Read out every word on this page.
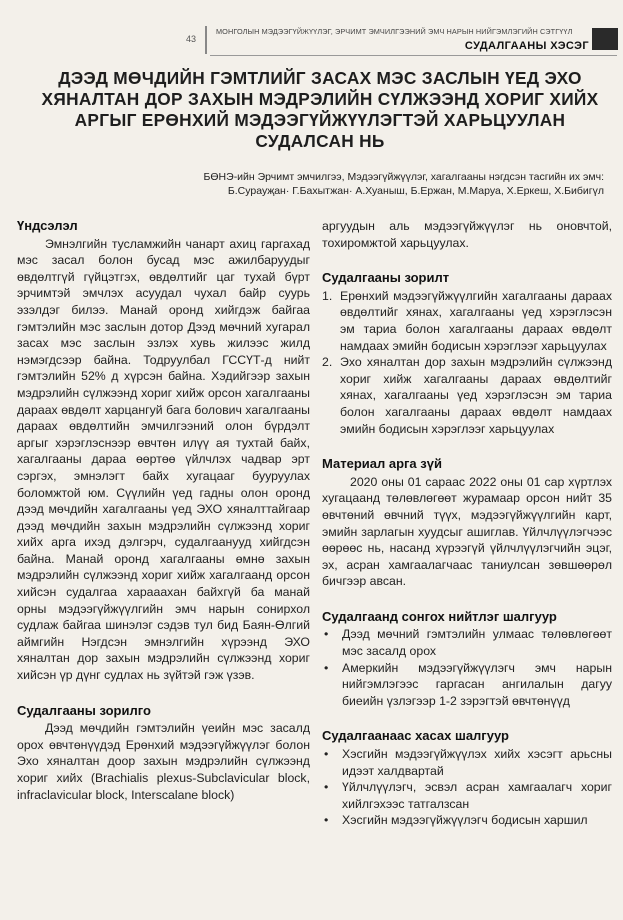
43
МОНГОЛЫН МЭДЭЭГҮЙЖҮҮЛЭГ, ЭРЧИМТ ЭМЧИЛГЭЭНИЙ ЭМЧ НАРЫН НИЙГЭМЛЭГИЙН СЭТГҮҮЛ
СУДАЛГААНЫ ХЭСЭГ
ДЭЭД МӨЧДИЙН ГЭМТЛИЙГ ЗАСАХ МЭС ЗАСЛЫН ҮЕД ЭХО ХЯНАЛТАН ДОР ЗАХЫН МЭДРЭЛИЙН СҮЛЖЭЭНД ХОРИГ ХИЙХ АРГЫГ ЕРӨНХИЙ МЭДЭЭГҮЙЖҮҮЛЭГТЭЙ ХАРЬЦУУЛАН СУДАЛСАН НЬ
БӨНЭ-ийн Эрчимт эмчилгээ, Мэдээгүйжүүлэг, хагалгааны нэгдсэн тасгийн их эмч:
Б.Сурауҗан· Г.Бахытжан· А.Хуаныш, Б.Ержан, М.Маруа, Х.Еркеш, Х.Бибигүл
Үндсэлэл

Эмнэлгийн тусламжийн чанарт ахиц гаргахад мэс засал болон бусад мэс ажилбаруудыг өвдөлтгүй гүйцэтгэх, өвдөлтийг цаг тухай бүрт эрчимтэй эмчлэх асуудал чухал байр суурь эзэлдэг билээ. Манай оронд хийгдэж байгаа гэмтэлийн мэс заслын дотор Дээд мөчний хугарал засах мэс заслын эзлэх хувь жилээс жилд нэмэгдсээр байна. Тодруулбал ГССҮТ-д нийт гэмтэлийн 52% д хүрсэн байна. Хэдийгээр захын мэдрэлийн сүлжээнд хориг хийж орсон хагалгааны дараах өвдөлт харцангуй бага болович хагалгааны дараах өвдөлтийн эмчилгээний олон бүрдэлт аргыг хэрэглэснээр өвчтөн илүү ая тухтай байх, хагалгааны дараа өөртөө үйлчлэх чадвар эрт сэргэх, эмнэлэгт байх хугацааг бууруулах боломжтой юм. Сүүлийн үед гадны олон оронд дээд мөчдийн хагалгааны үед ЭХО хяналттайгаар дээд мөчдийн захын мэдрэлийн сүлжээнд хориг хийх арга ихэд дэлгэрч, судалгаанууд хийгдсэн байна. Манай оронд хагалгааны өмнө захын мэдрэлийн сүлжээнд хориг хийж хагалгаанд орсон хийсэн судалгаа харааахан байхгүй ба манай орны мэдээгүйжүүлгийн эмч нарын сонирхол судлаж байгаа шинэлэг сэдэв тул бид Баян-Өлгий аймгийн Нэгдсэн эмнэлгийн хүрээнд ЭХО хяналтан дор захын мэдрэлийн сүлжээнд хориг хийсэн үр дүнг судлах нь зүйтэй гэж үзэв.

Судалгааны зорилго

Дээд мөчдийн гэмтэлийн үеийн мэс засалд орох өвчтөнүүдэд Ерөнхий мэдээгүйжүүлэг болон Эхо хяналтан доор захын мэдрэлийн сүлжээнд хориг хийх (Brachialis plexus-Subclavicular block, infraclavicular block, Interscalane block)

аргуудын аль мэдээгүйжүүлэг нь оновчтой, тохиромжтой харьцуулах.

Судалгааны зорилт
1. Ерөнхий мэдээгүйжүүлгийн хагалгааны дараах өвдөлтийг хянах, хагалгааны үед хэрэглэсэн эм тариа болон хагалгааны дараах өвдөлт намдаах эмийн бодисын хэрэглээг харьцуулах
2. Эхо хяналтан дор захын мэдрэлийн сүлжээнд хориг хийж хагалгааны дараах өвдөлтийг хянах, хагалгааны үед хэрэглэсэн эм тариа болон хагалгааны дараах өвдөлт намдаах эмийн бодисын хэрэглээг харьцуулах
Материал арга зүй

2020 оны 01 сараас 2022 оны 01 сар хүртлэх хугацаанд төлөвлөгөөт журамаар орсон нийт 35 өвчтөний өвчний түүх, мэдээгүйжүүлгийн карт, эмийн зарлагын хуудсыг ашиглав. Үйлчлүүлэгчээс өөрөөс нь, насанд хүрээгүй үйлчлүүлэгчийн эцэг, эх, асран хамгаалагчаас таниулсан зөвшөөрөл бичгээр авсан.

Судалгаанд сонгох нийтлэг шалгуур
•	Дээд мөчний гэмтэлийн улмаас төлөвлөгөөт мэс засалд орох
•	Амеркийн мэдээгүйжүүлэгч эмч нарын нийгэмлэгээс гаргасан ангилалын дагуу биеийн үзлэгээр 1-2 зэрэгтэй өвчтөнүүд
Судалгаанаас хасах шалгуур
•	Хэсгийн мэдээгүйжүүлэх хийх хэсэгт арьсны идээт халдвартай
•	Үйлчлүүлэгч, эсвэл асран хамгаалагч хориг хийлгэхээс татгалзсан
•	Хэсгийн мэдээгүйжүүлэгч бодисын харшил
